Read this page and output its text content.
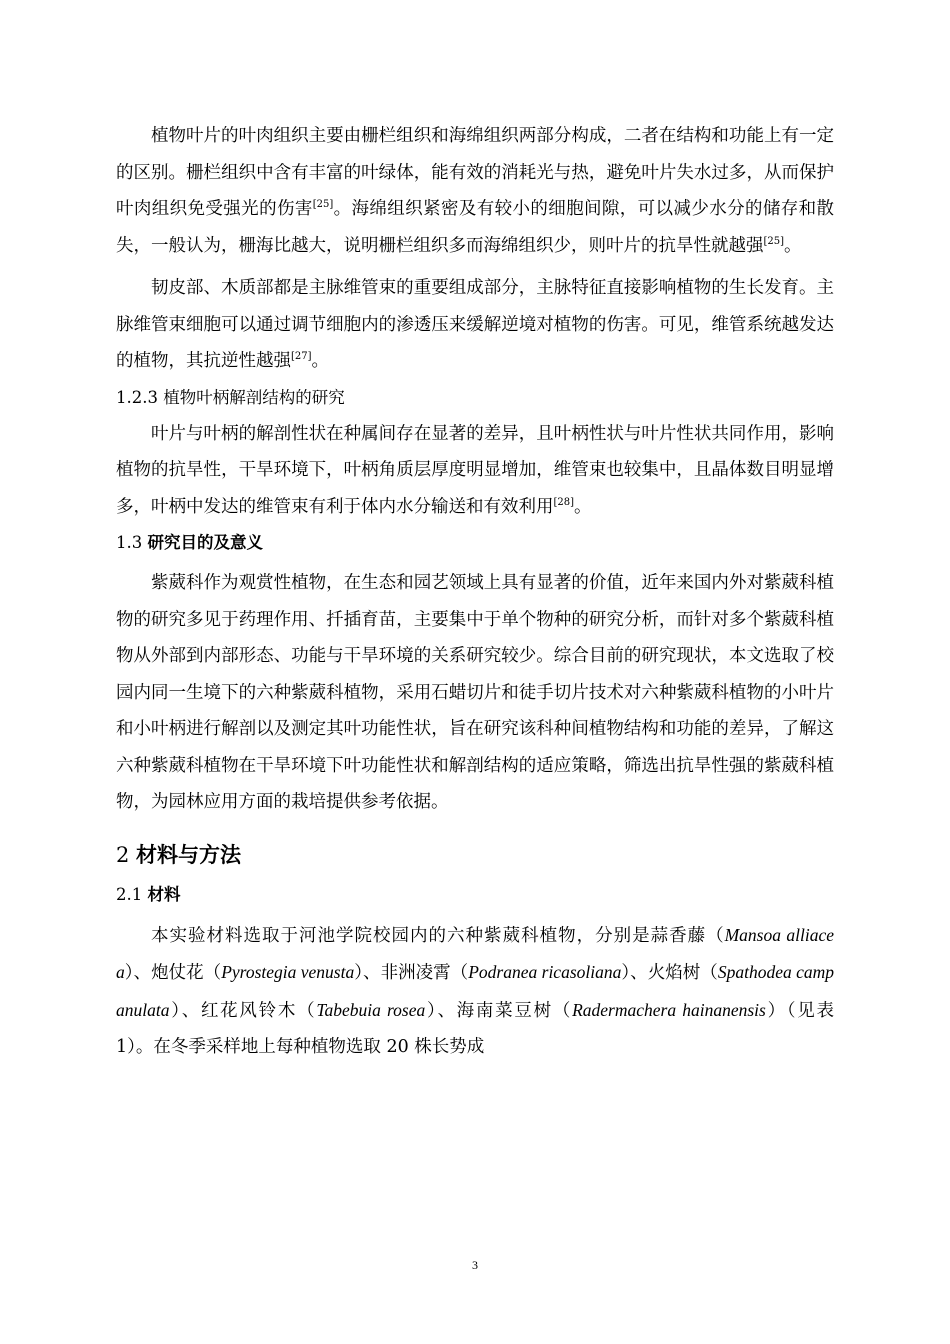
植物叶片的叶肉组织主要由栅栏组织和海绵组织两部分构成，二者在结构和功能上有一定的区别。栅栏组织中含有丰富的叶绿体，能有效的消耗光与热，避免叶片失水过多，从而保护叶肉组织免受强光的伤害[25]。海绵组织紧密及有较小的细胞间隙，可以减少水分的储存和散失，一般认为，栅海比越大，说明栅栏组织多而海绵组织少，则叶片的抗旱性就越强[25]。

韧皮部、木质部都是主脉维管束的重要组成部分，主脉特征直接影响植物的生长发育。主脉维管束细胞可以通过调节细胞内的渗透压来缓解逆境对植物的伤害。可见，维管系统越发达的植物，其抗逆性越强[27]。

1.2.3 植物叶柄解剖结构的研究

叶片与叶柄的解剖性状在种属间存在显著的差异，且叶柄性状与叶片性状共同作用，影响植物的抗旱性，干旱环境下，叶柄角质层厚度明显增加，维管束也较集中，且晶体数目明显增多，叶柄中发达的维管束有利于体内水分输送和有效利用[28]。

1.3 研究目的及意义

紫葳科作为观赏性植物，在生态和园艺领域上具有显著的价值，近年来国内外对紫葳科植物的研究多见于药理作用、扦插育苗，主要集中于单个物种的研究分析，而针对多个紫葳科植物从外部到内部形态、功能与干旱环境的关系研究较少。综合目前的研究现状，本文选取了校园内同一生境下的六种紫葳科植物，采用石蜡切片和徒手切片技术对六种紫葳科植物的小叶片和小叶柄进行解剖以及测定其叶功能性状，旨在研究该科种间植物结构和功能的差异，了解这六种紫葳科植物在干旱环境下叶功能性状和解剖结构的适应策略，筛选出抗旱性强的紫葳科植物，为园林应用方面的栽培提供参考依据。

2 材料与方法
2.1 材料

本实验材料选取于河池学院校园内的六种紫葳科植物，分别是蒜香藤（Mansoa alliacea）、炮仗花（Pyrostegia venusta）、非洲凌霄（Podranea ricasoliana）、火焰树（Spathodea campanulata）、红花风铃木（Tabebuia rosea）、海南菜豆树（Radermachera hainanensis）（见表 1）。在冬季采样地上每种植物选取 20 株长势成

3
